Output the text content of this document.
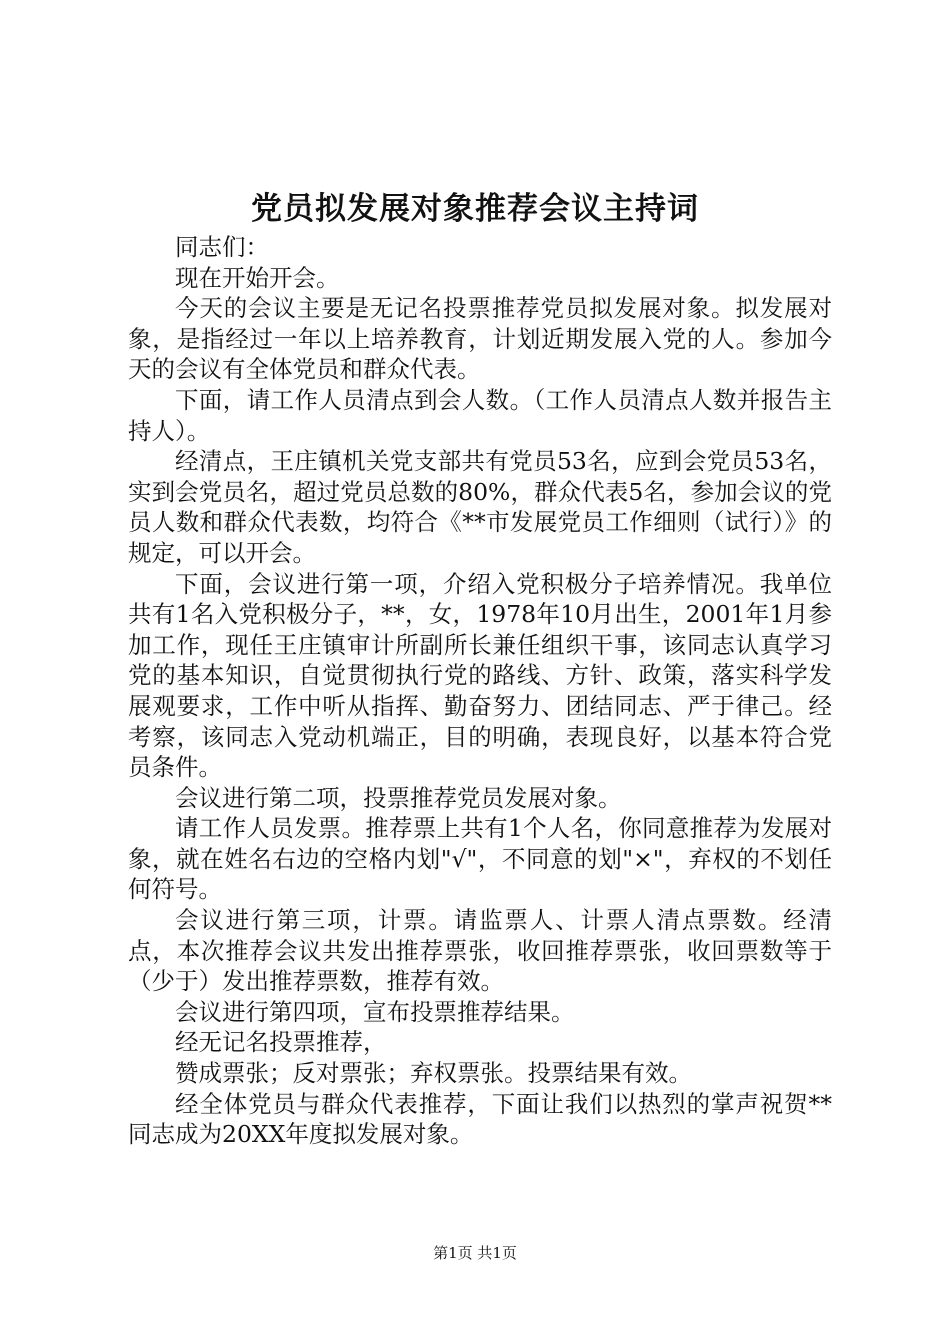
党员拟发展对象推荐会议主持词

同志们：

现在开始开会。

今天的会议主要是无记名投票推荐党员拟发展对象。拟发展对象，是指经过一年以上培养教育，计划近期发展入党的人。参加今天的会议有全体党员和群众代表。

下面，请工作人员清点到会人数。（工作人员清点人数并报告主持人）。

经清点，王庄镇机关党支部共有党员53名，应到会党员53名，实到会党员名，超过党员总数的80%，群众代表5名，参加会议的党员人数和群众代表数，均符合《**市发展党员工作细则（试行）》的规定，可以开会。

下面，会议进行第一项，介绍入党积极分子培养情况。我单位共有1名入党积极分子，**，女，1978年10月出生，2001年1月参加工作，现任王庄镇审计所副所长兼任组织干事，该同志认真学习党的基本知识，自觉贯彻执行党的路线、方针、政策，落实科学发展观要求，工作中听从指挥、勤奋努力、团结同志、严于律己。经考察，该同志入党动机端正，目的明确，表现良好，以基本符合党员条件。

会议进行第二项，投票推荐党员发展对象。

请工作人员发票。推荐票上共有1个人名，你同意推荐为发展对象，就在姓名右边的空格内划"√"，不同意的划"×"，弃权的不划任何符号。

会议进行第三项，计票。请监票人、计票人清点票数。经清点，本次推荐会议共发出推荐票张，收回推荐票张，收回票数等于（少于）发出推荐票数，推荐有效。

会议进行第四项，宣布投票推荐结果。

经无记名投票推荐，

赞成票张；反对票张；弃权票张。投票结果有效。

经全体党员与群众代表推荐，下面让我们以热烈的掌声祝贺**同志成为20XX年度拟发展对象。

第1页 共1页
